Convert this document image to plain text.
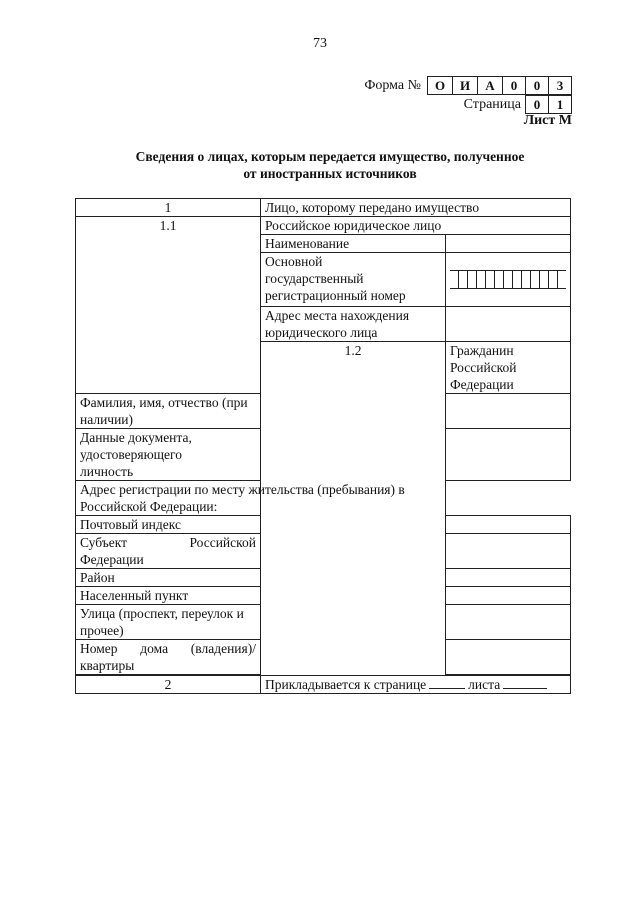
73
Форма №	О	И	А	0	0	3
Страница 0	1
Лист М
Сведения о лицах, которым передается имущество, полученное
от иностранных источников
1	Лицо, которому передано имущество	
1.1	Российское юридическое лицо	
	Наименование	

	Основной
государственный
регистрационный номер	

	Адрес места нахождения юридического лица	
	1.2	Гражданин Российской Федерации
Фамилия, имя, отчество (при наличии)		

Данные документа,
удостоверяющего
личность		

Адрес регистрации по месту жительства (пребывания) в Российской Федерации:		
Почтовый индекс		

Субъект Российской
Федерации		

Район		
Населенный пункт		
Улица (проспект, переулок и прочее)		

Номер дома (владения)/
квартиры		

2	Прикладывается к странице листа	
